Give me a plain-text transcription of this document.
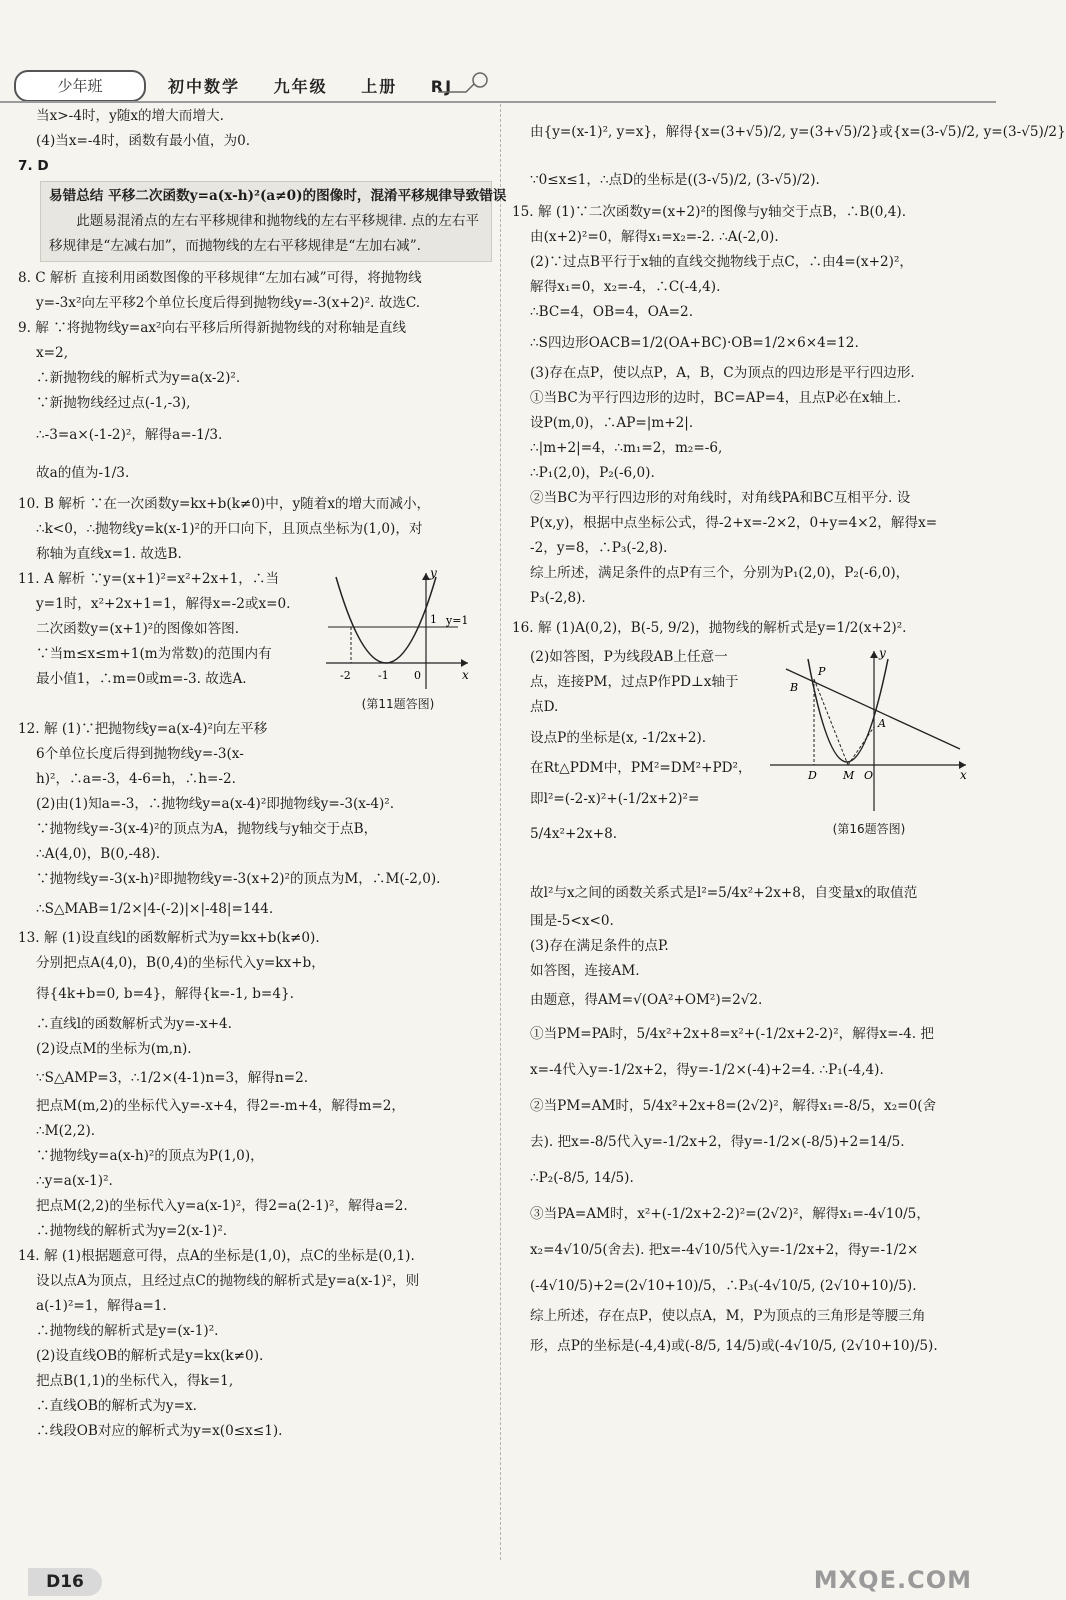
少年班	初中数学 九年级 上册 RJ
当x>-4时，y随x的增大而增大.
(4)当x=-4时，函数有最小值，为0.
7. D
易错总结 平移二次函数y=a(x-h)²(a≠0)的图像时，混淆平移规律导致错误
此题易混淆点的左右平移规律和抛物线的左右平移规律. 点的左右平移规律是“左减右加”，而抛物线的左右平移规律是“左加右减”.
8. C 解析 直接利用函数图像的平移规律“左加右减”可得，将抛物线
y=-3x²向左平移2个单位长度后得到抛物线y=-3(x+2)². 故选C.
9. 解 ∵将抛物线y=ax²向右平移后所得新抛物线的对称轴是直线
x=2,
∴新抛物线的解析式为y=a(x-2)².
∵新抛物线经过点(-1,-3),
∴-3=a×(-1-2)²，解得a=-1/3.
故a的值为-1/3.
10. B 解析 ∵在一次函数y=kx+b(k≠0)中，y随着x的增大而减小，
∴k<0，∴抛物线y=k(x-1)²的开口向下，且顶点坐标为(1,0)，对
称轴为直线x=1. 故选B.
11. A 解析 ∵y=(x+1)²=x²+2x+1，∴当
y=1时，x²+2x+1=1，解得x=-2或x=0.
二次函数y=(x+1)²的图像如答图.
∵当m≤x≤m+1(m为常数)的范围内有
最小值1，∴m=0或m=-3. 故选A.
y
x
y=1
-2 -1 0
1
(第11题答图)
12. 解 (1)∵把抛物线y=a(x-4)²向左平移
6个单位长度后得到抛物线y=-3(x-
h)²，∴a=-3，4-6=h，∴h=-2.
(2)由(1)知a=-3，∴抛物线y=a(x-4)²即抛物线y=-3(x-4)².
∵抛物线y=-3(x-4)²的顶点为A，抛物线与y轴交于点B，
∴A(4,0)，B(0,-48).
∵抛物线y=-3(x-h)²即抛物线y=-3(x+2)²的顶点为M，∴M(-2,0).
∴S△MAB=1/2×|4-(-2)|×|-48|=144.
13. 解 (1)设直线l的函数解析式为y=kx+b(k≠0).
分别把点A(4,0)，B(0,4)的坐标代入y=kx+b，
得{4k+b=0, b=4}，解得{k=-1, b=4}.
∴直线l的函数解析式为y=-x+4.
(2)设点M的坐标为(m,n).
∵S△AMP=3，∴1/2×(4-1)n=3，解得n=2.
把点M(m,2)的坐标代入y=-x+4，得2=-m+4，解得m=2，
∴M(2,2).
∵抛物线y=a(x-h)²的顶点为P(1,0)，
∴y=a(x-1)².
把点M(2,2)的坐标代入y=a(x-1)²，得2=a(2-1)²，解得a=2.
∴抛物线的解析式为y=2(x-1)².
14. 解 (1)根据题意可得，点A的坐标是(1,0)，点C的坐标是(0,1).
设以点A为顶点，且经过点C的抛物线的解析式是y=a(x-1)²，则
a(-1)²=1，解得a=1.
∴抛物线的解析式是y=(x-1)².
(2)设直线OB的解析式是y=kx(k≠0).
把点B(1,1)的坐标代入，得k=1,
∴直线OB的解析式为y=x.
∴线段OB对应的解析式为y=x(0≤x≤1).
由{y=(x-1)², y=x}，解得{x=(3+√5)/2, y=(3+√5)/2}或{x=(3-√5)/2, y=(3-√5)/2}
∵0≤x≤1，∴点D的坐标是((3-√5)/2, (3-√5)/2).
15. 解 (1)∵二次函数y=(x+2)²的图像与y轴交于点B，∴B(0,4).
由(x+2)²=0，解得x₁=x₂=-2. ∴A(-2,0).
(2)∵过点B平行于x轴的直线交抛物线于点C，∴由4=(x+2)²，
解得x₁=0，x₂=-4，∴C(-4,4).
∴BC=4，OB=4，OA=2.
∴S四边形OACB=1/2(OA+BC)·OB=1/2×6×4=12.
(3)存在点P，使以点P，A，B，C为顶点的四边形是平行四边形.
①当BC为平行四边形的边时，BC=AP=4，且点P必在x轴上.
设P(m,0)，∴AP=|m+2|.
∴|m+2|=4，∴m₁=2，m₂=-6,
∴P₁(2,0)，P₂(-6,0).
②当BC为平行四边形的对角线时，对角线PA和BC互相平分. 设
P(x,y)，根据中点坐标公式，得-2+x=-2×2，0+y=4×2，解得x=
-2，y=8，∴P₃(-2,8).
综上所述，满足条件的点P有三个，分别为P₁(2,0)，P₂(-6,0)，
P₃(-2,8).
16. 解 (1)A(0,2)，B(-5, 9/2)，抛物线的解析式是y=1/2(x+2)².
(2)如答图，P为线段AB上任意一
点，连接PM，过点P作PD⊥x轴于
点D.
设点P的坐标是(x, -1/2x+2).
在Rt△PDM中，PM²=DM²+PD²，
即l²=(-2-x)²+(-1/2x+2)²=
5/4x²+2x+8.
y
x
B
P
A
D M O
(第16题答图)
故l²与x之间的函数关系式是l²=5/4x²+2x+8，自变量x的取值范
围是-5<x<0.
(3)存在满足条件的点P.
如答图，连接AM.
由题意，得AM=√(OA²+OM²)=2√2.
①当PM=PA时，5/4x²+2x+8=x²+(-1/2x+2-2)²，解得x=-4. 把
x=-4代入y=-1/2x+2，得y=-1/2×(-4)+2=4. ∴P₁(-4,4).
②当PM=AM时，5/4x²+2x+8=(2√2)²，解得x₁=-8/5，x₂=0(舍
去). 把x=-8/5代入y=-1/2x+2，得y=-1/2×(-8/5)+2=14/5.
∴P₂(-8/5, 14/5).
③当PA=AM时，x²+(-1/2x+2-2)²=(2√2)²，解得x₁=-4√10/5，
x₂=4√10/5(舍去). 把x=-4√10/5代入y=-1/2x+2，得y=-1/2×
(-4√10/5)+2=(2√10+10)/5，∴P₃(-4√10/5, (2√10+10)/5).
综上所述，存在点P，使以点A，M，P为顶点的三角形是等腰三角
形，点P的坐标是(-4,4)或(-8/5, 14/5)或(-4√10/5, (2√10+10)/5).
D16	MXQE.COM
